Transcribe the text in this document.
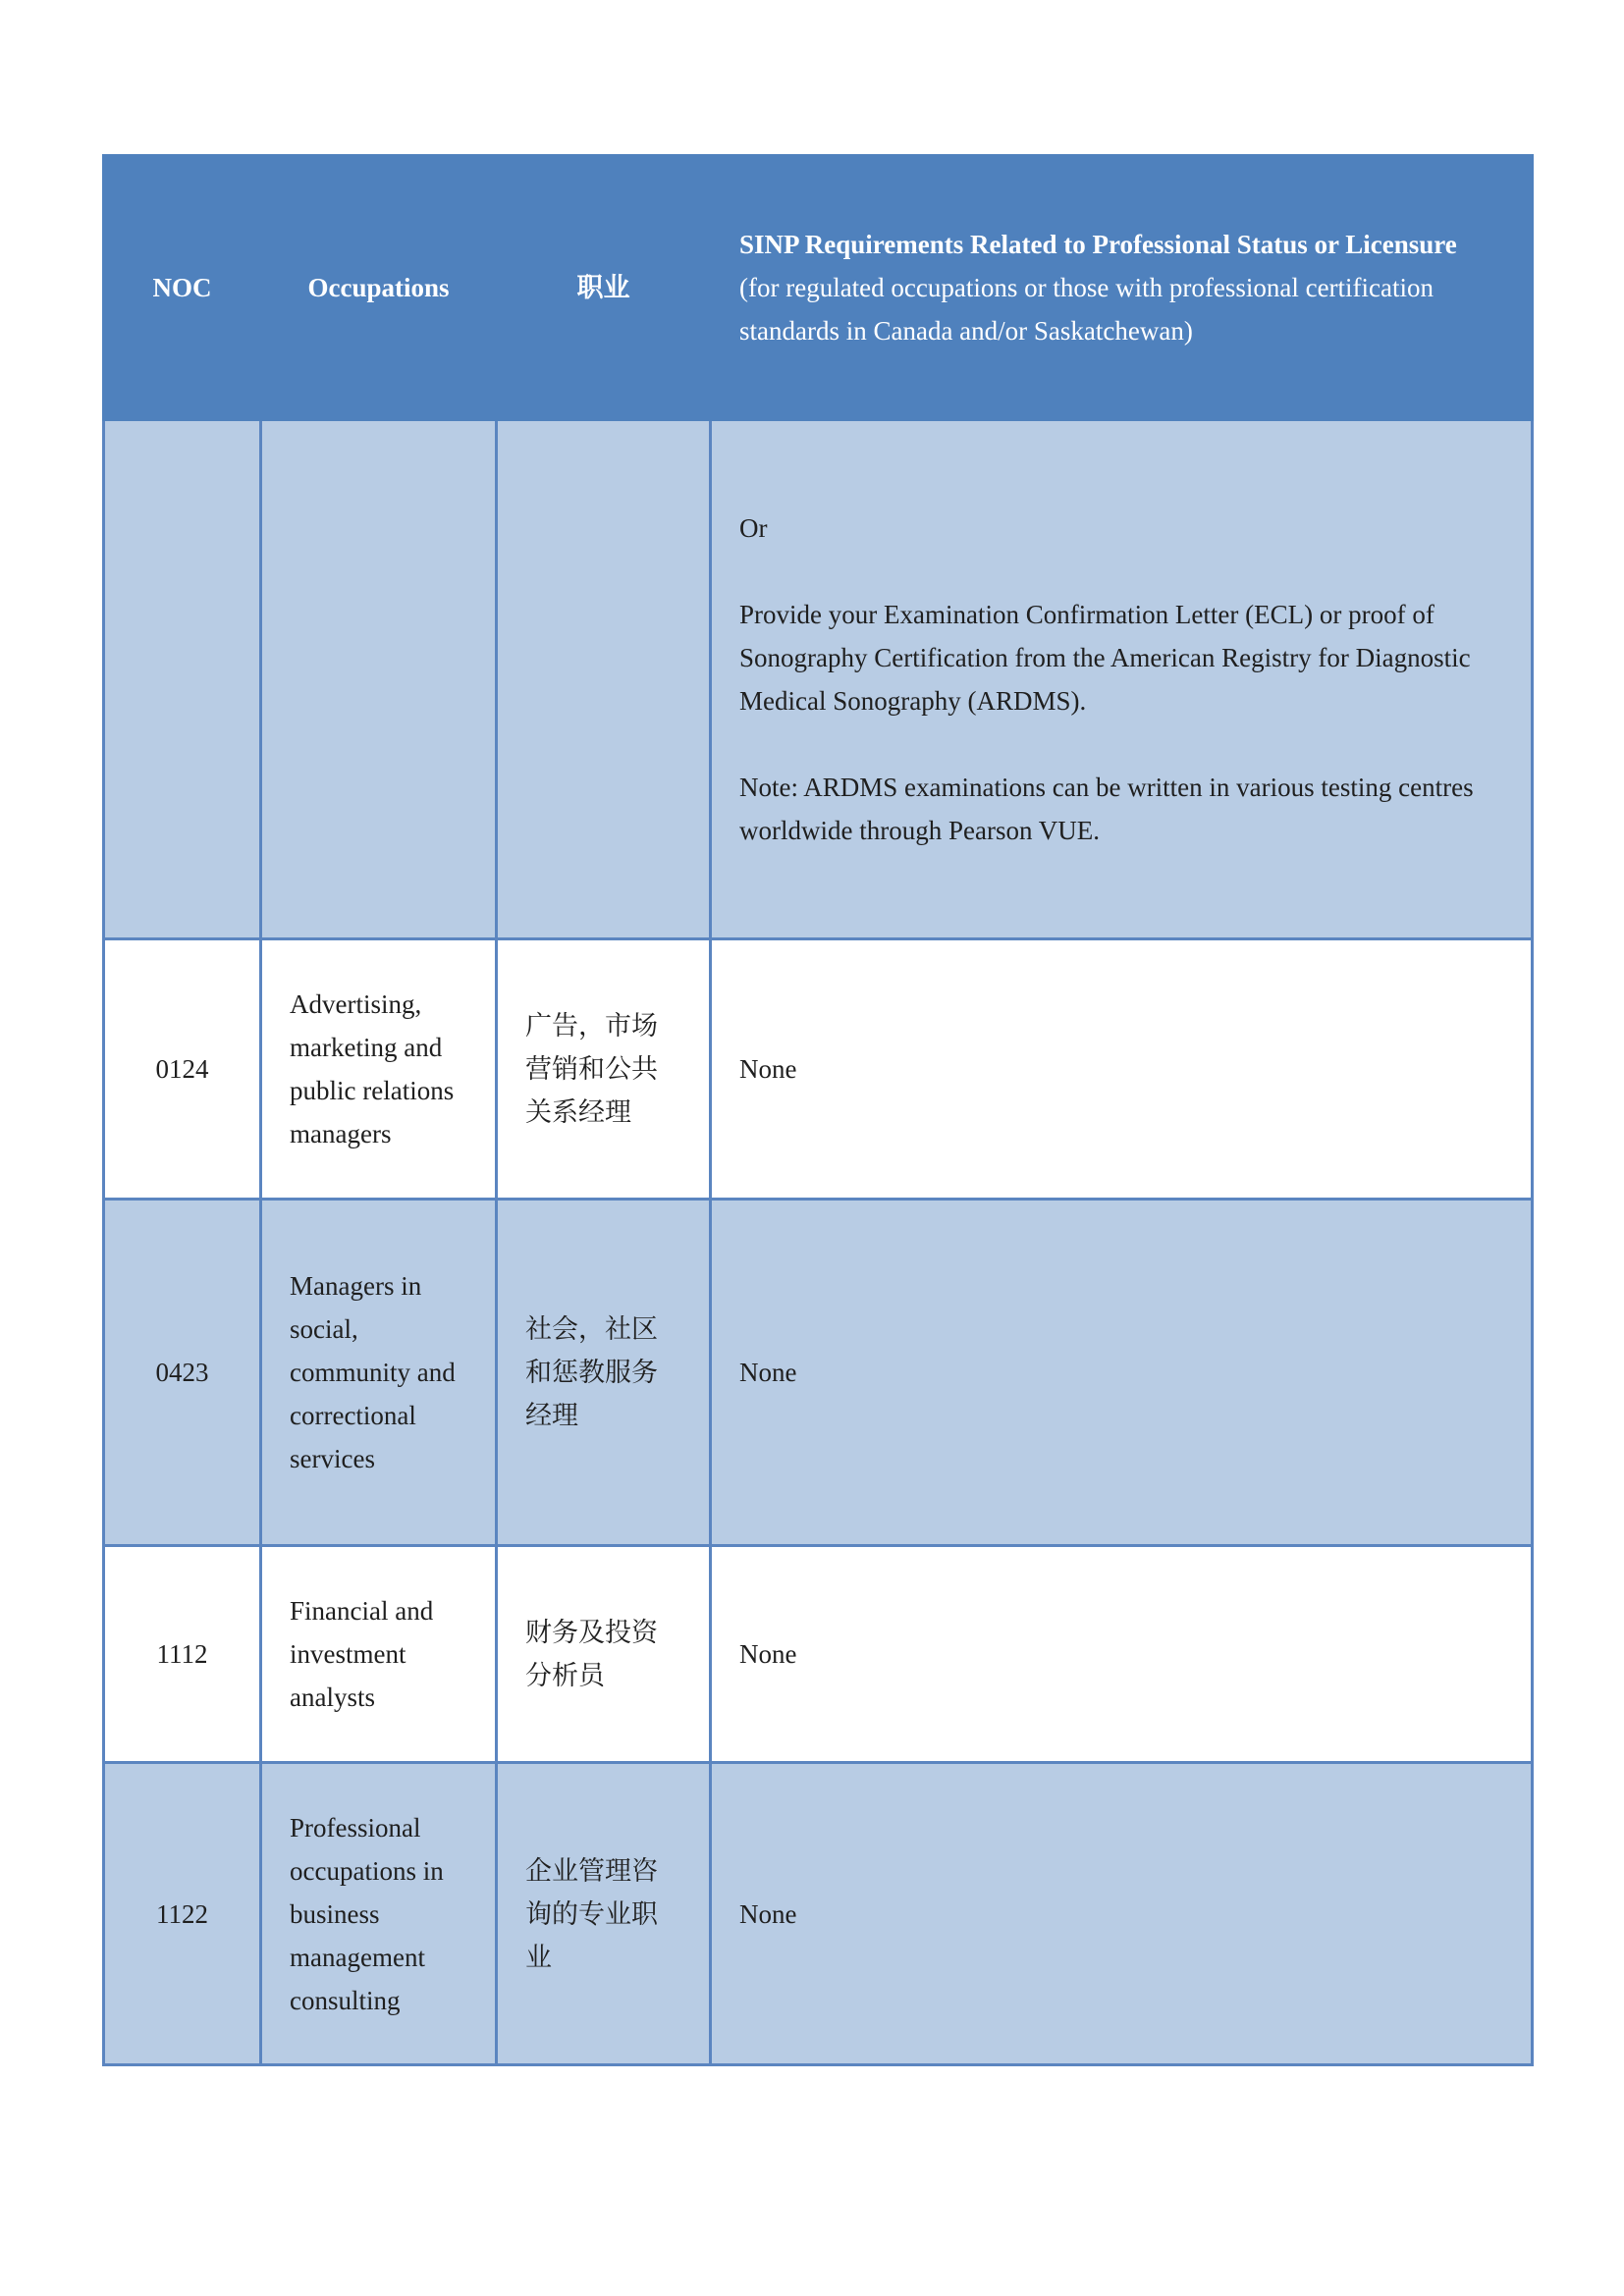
NOC	Occupations	职业	SINP Requirements Related to Professional Status or Licensure
(for regulated occupations or those with professional certification standards in Canada and/or Saskatchewan)

			Or
Provide your Examination Confirmation Letter (ECL) or proof of Sonography Certification from the American Registry for Diagnostic Medical Sonography (ARDMS).
Note: ARDMS examinations can be written in various testing centres worldwide through Pearson VUE.

0124	Advertising, marketing and public relations managers	广告，市场营销和公共关系经理	None
0423	Managers in social, community and correctional services	社会，社区和惩教服务经理	None
1112	Financial and investment analysts	财务及投资分析员	None
1122	Professional occupations in business management consulting	企业管理咨询的专业职业	None
